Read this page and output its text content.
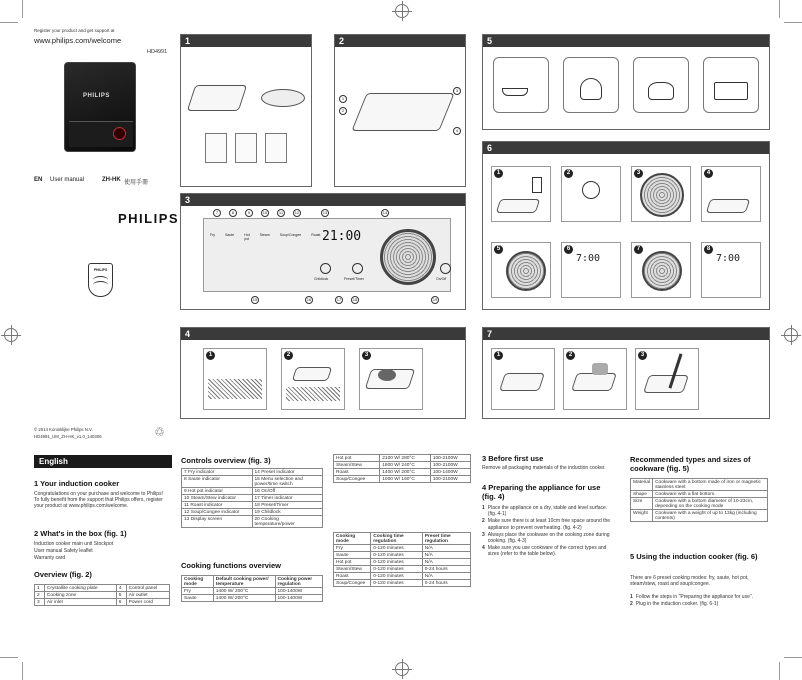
Register your product and get support at
www.philips.com/welcome
HD4991
PHILIPS
EN User manual	ZH-HK 使用手冊
PHILIPS
PHILIPS
© 2014 Koninklijke Philips N.V.
HD4991_UM_ZH-HK_v1.0_140306	♲
1	2
1
2
3
4
5
6
1	2	3	4
5	6
7:00
7	8
7:00
3
Fry	Saute	Hot pot
Steam	Soup/Congee	Roast 21:00
Childlock	Preset/Timer	On/Off
7	8	9	10	11	12	13	14
15	16	17	18	19
4
1	2	3
7
1	2	3
English
1 Your induction cooker
Congratulations on your purchase and welcome to Philips! To fully benefit from the support that Philips offers, register your product at www.philips.com/welcome.
2 What's in the box (fig. 1)
Induction cooker main unit Stockpot
User manual Safety leaflet
Warranty card
Overview (fig. 2)
1	Crystallite cooking plate	4	Control panel
2	Cooking zone	5	Air outlet
3	Air inlet	6	Power cord
Controls overview (fig. 3)
7 Fry indicator	14 Preset indicator
8 Saute indicator	15 Menu selection and power/time switch
9 Hot pot indicator	16 On/Off
10 Steam/Stew indicator	17 Timer indicator
11 Roast indicator	18 Preset/Timer
12 Soup/Congee indicator	19 Childlock
13 Display screen	20 Cooking temperature/power
Cooking functions overview
Cooking mode	Default cooking power/ temperature	Cooking power regulation
Fry	1400 W/ 200°C	100-1400W
Saute	1400 W/ 200°C	100-1400W
Hot pot	2100 W/ 280°C	100-2100W
Steam/Stew	1800 W/ 240°C	100-2100W
Roast	1400 W/ 200°C	100-1400W
Soup/Congee	1000 W/ 160°C	100-2100W
Cooking mode	Cooking time regulation	Preset time regulation
Fry	0-120 minutes	N/A
Saute	0-120 minutes	N/A
Hot pot	0-120 minutes	N/A
Steam/Stew	0-120 minutes	0-24 hours
Roast	0-120 minutes	N/A
Soup/Congee	0-120 minutes	0-24 hours
3 Before first use
Remove all packaging materials of the induction cooker.
4 Preparing the appliance for use (fig. 4)
1 Place the appliance on a dry, stable and level surface. (fig. 4-1)
2 Make sure there is at least 10cm free space around the appliance to prevent overheating. (fig. 4-2)
3 Always place the cookware on the cooking zone during cooking. (fig. 4-3)
4 Make sure you use cookware of the correct types and sizes (refer to the table below).
Recommended types and sizes of cookware (fig. 5)
Material	Cookware with a bottom made of iron or magnetic stainless steel.
Shape	Cookware with a flat bottom.
Size	Cookware with a bottom diameter of 10-23cm, depending on the cooking mode
Weight	Cookware with a weight of up to 13kg (including contents)
5 Using the induction cooker (fig. 6)
There are 6 preset cooking modes: fry, saute, hot pot, steam/stew, roast and soup/congee.
1 Follow the steps in "Preparing the appliance for use".
2 Plug in the induction cooker. (fig. 6-1)
